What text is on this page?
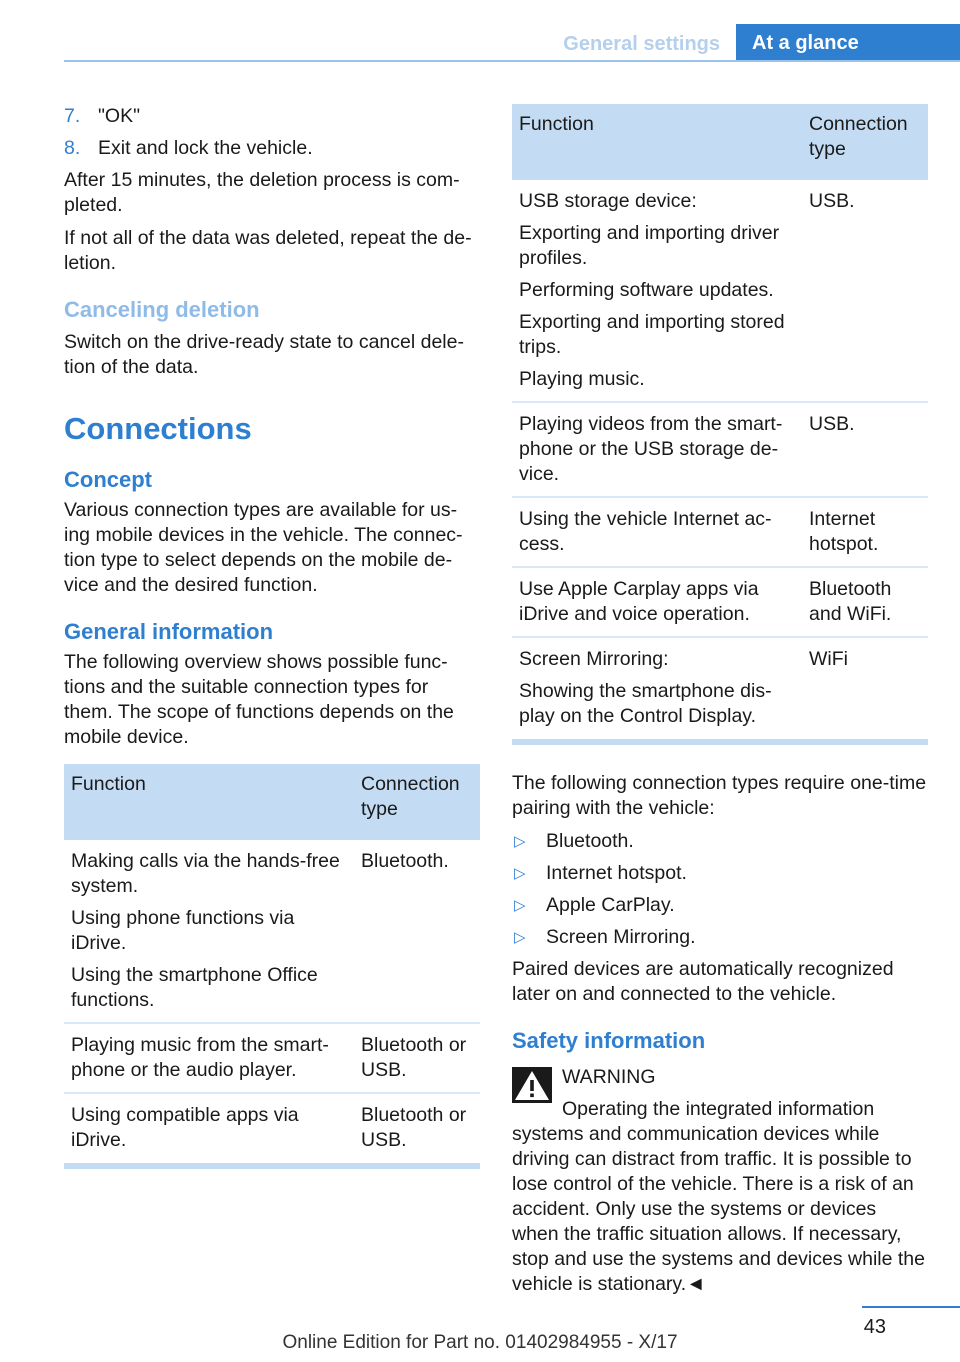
General settings	At a glance
7. "OK"
8. Exit and lock the vehicle.

After 15 minutes, the deletion process is com‐pleted.

If not all of the data was deleted, repeat the de‐letion.

Canceling deletion

Switch on the drive-ready state to cancel dele‐tion of the data.

Connections
Concept

Various connection types are available for us‐ing mobile devices in the vehicle. The connec‐tion type to select depends on the mobile de‐vice and the desired function.

General information

The following overview shows possible func‐tions and the suitable connection types for them. The scope of functions depends on the mobile device.

Function	Connection type

Making calls via the hands-free system.
Using phone functions via iDrive.
Using the smartphone Office functions.	Bluetooth.

Playing music from the smart‐phone or the audio player.	Bluetooth or USB.

Using compatible apps via iDrive.	Bluetooth or USB.
Function	Connection type

USB storage device:
Exporting and importing driver profiles.
Performing software updates.
Exporting and importing stored trips.
Playing music.	USB.

Playing videos from the smart‐phone or the USB storage de‐vice.	USB.

Using the vehicle Internet ac‐cess.	Internet hotspot.

Use Apple Carplay apps via iDrive and voice operation.	Bluetooth and WiFi.

Screen Mirroring:
Showing the smartphone dis‐play on the Control Display.	WiFi

The following connection types require one-time pairing with the vehicle:

▷ Bluetooth.
▷ Internet hotspot.
▷ Apple CarPlay.
▷ Screen Mirroring.

Paired devices are automatically recognized later on and connected to the vehicle.

Safety information
WARNING

Operating the integrated information systems and communication devices while driving can distract from traffic. It is possible to lose control of the vehicle. There is a risk of an accident. Only use the systems or devices when the traffic situation allows. If necessary, stop and use the systems and devices while the vehicle is stationary.◄

43
Online Edition for Part no. 01402984955 - X/17
